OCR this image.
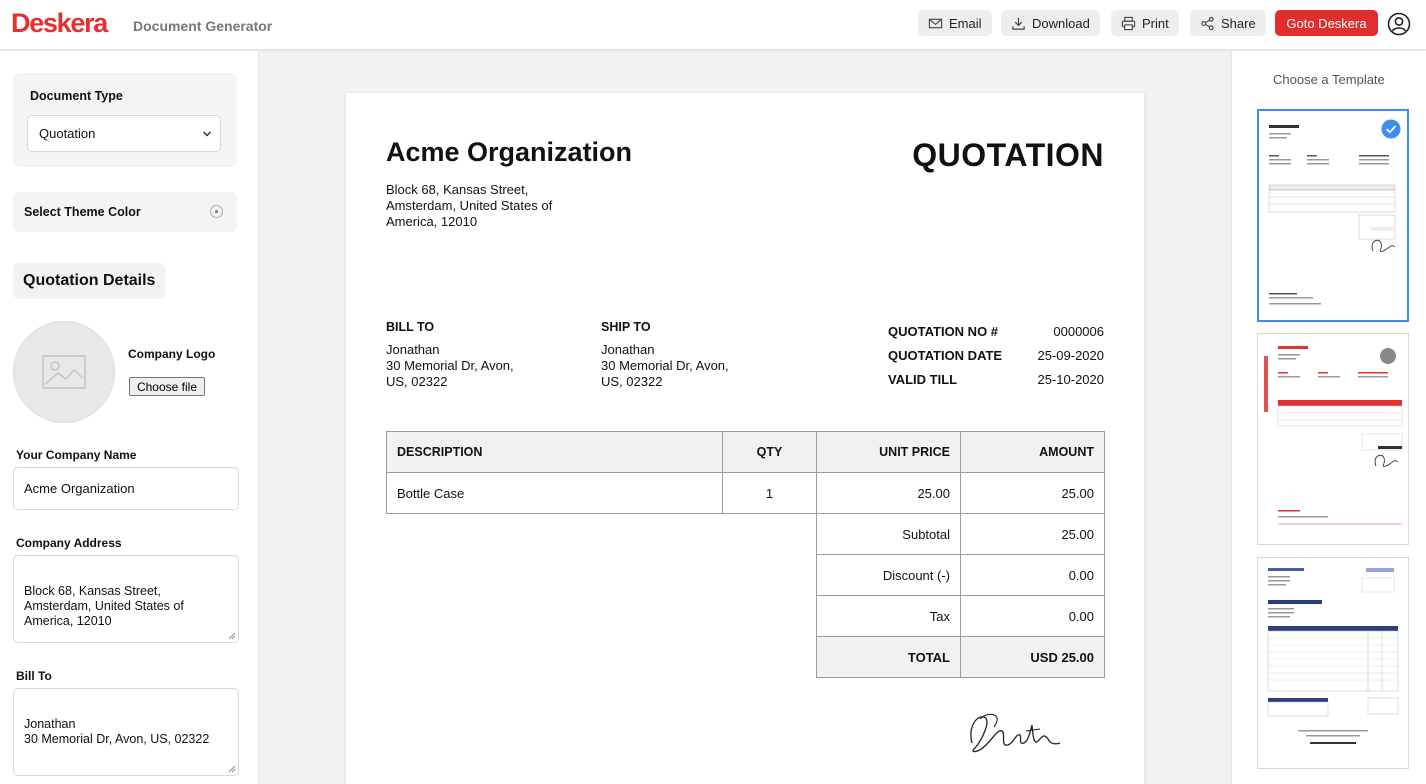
Deskera Document Generator	Email	Download	Print	Share	Goto Deskera
Document Type
Quotation
Select Theme Color
Quotation Details
Company Logo
Choose file
Your Company Name
Acme Organization
Company Address

Block 68, Kansas Street,
Amsterdam, United States of
America, 12010

Bill To

Jonathan
30 Memorial Dr, Avon, US, 02322

Acme Organization
Block 68, Kansas Street,
Amsterdam, United States of
America, 12010
QUOTATION
BILL TO
Jonathan
30 Memorial Dr, Avon,
US, 02322
SHIP TO
Jonathan
30 Memorial Dr, Avon,
US, 02322
QUOTATION NO #	0000006
QUOTATION DATE	25-09-2020
VALID TILL	25-10-2020
DESCRIPTION	QTY	UNIT PRICE	AMOUNT
Bottle Case	1	25.00	25.00
		Subtotal	25.00
		Discount (-)	0.00
		Tax	0.00
		TOTAL	USD 25.00
Choose a Template
